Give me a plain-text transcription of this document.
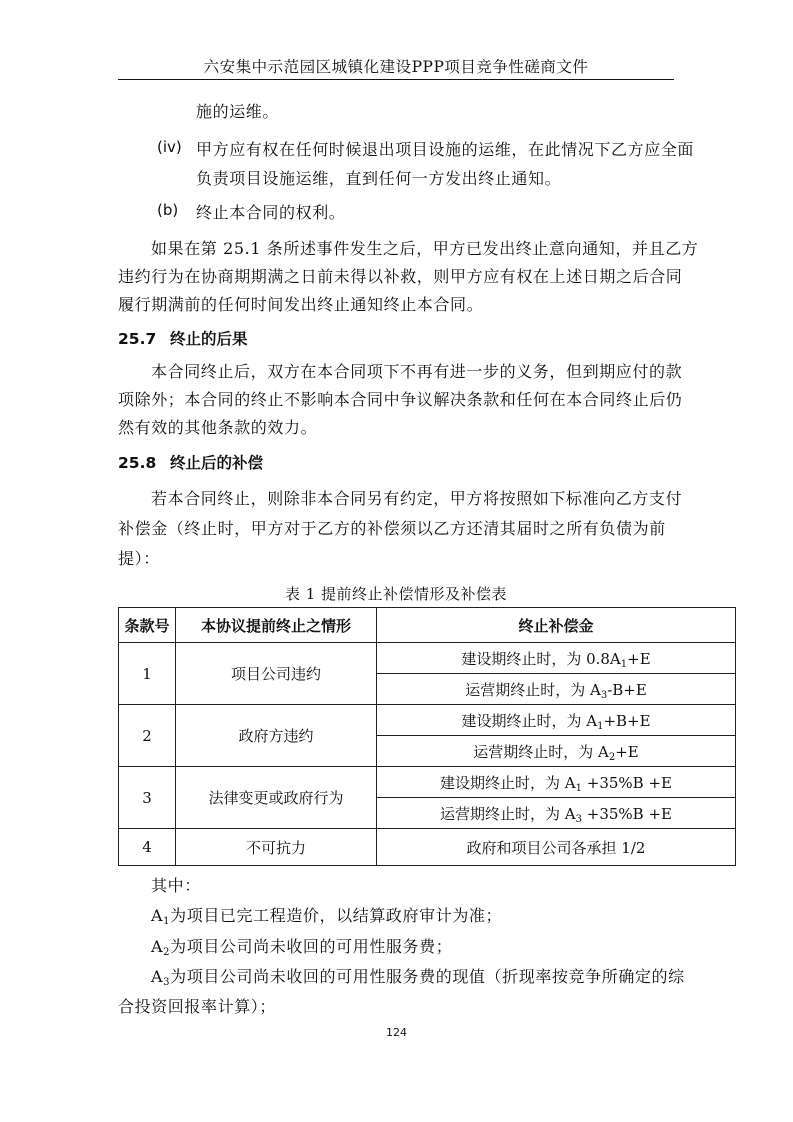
六安集中示范园区城镇化建设PPP项目竞争性磋商文件
施的运维。
(iv) 甲方应有权在任何时候退出项目设施的运维，在此情况下乙方应全面
负责项目设施运维，直到任何一方发出终止通知。
(b) 终止本合同的权利。
如果在第 25.1 条所述事件发生之后，甲方已发出终止意向通知，并且乙方
违约行为在协商期期满之日前未得以补救，则甲方应有权在上述日期之后合同
履行期满前的任何时间发出终止通知终止本合同。
25.7 终止的后果
本合同终止后，双方在本合同项下不再有进一步的义务，但到期应付的款
项除外；本合同的终止不影响本合同中争议解决条款和任何在本合同终止后仍
然有效的其他条款的效力。
25.8 终止后的补偿
若本合同终止，则除非本合同另有约定，甲方将按照如下标准向乙方支付
补偿金（终止时，甲方对于乙方的补偿须以乙方还清其届时之所有负债为前
提）：
表 1 提前终止补偿情形及补偿表
条款号	本协议提前终止之情形	终止补偿金
1	项目公司违约	建设期终止时，为 $0.8A_1+E$
		运营期终止时，为 $A_3-B+E$
2	政府方违约	建设期终止时，为 $A_1+B+E$
		运营期终止时，为 $A_2+E$
3	法律变更或政府行为	建设期终止时，为 $A_1 +35\%B +E$
		运营期终止时，为 $A_3 +35\%B +E$
4	不可抗力	政府和项目公司各承担 1/2
其中：
$A_1$为项目已完工程造价，以结算政府审计为准；
$A_2$为项目公司尚未收回的可用性服务费；
$A_3$为项目公司尚未收回的可用性服务费的现值（折现率按竞争所确定的综
合投资回报率计算）；
124
